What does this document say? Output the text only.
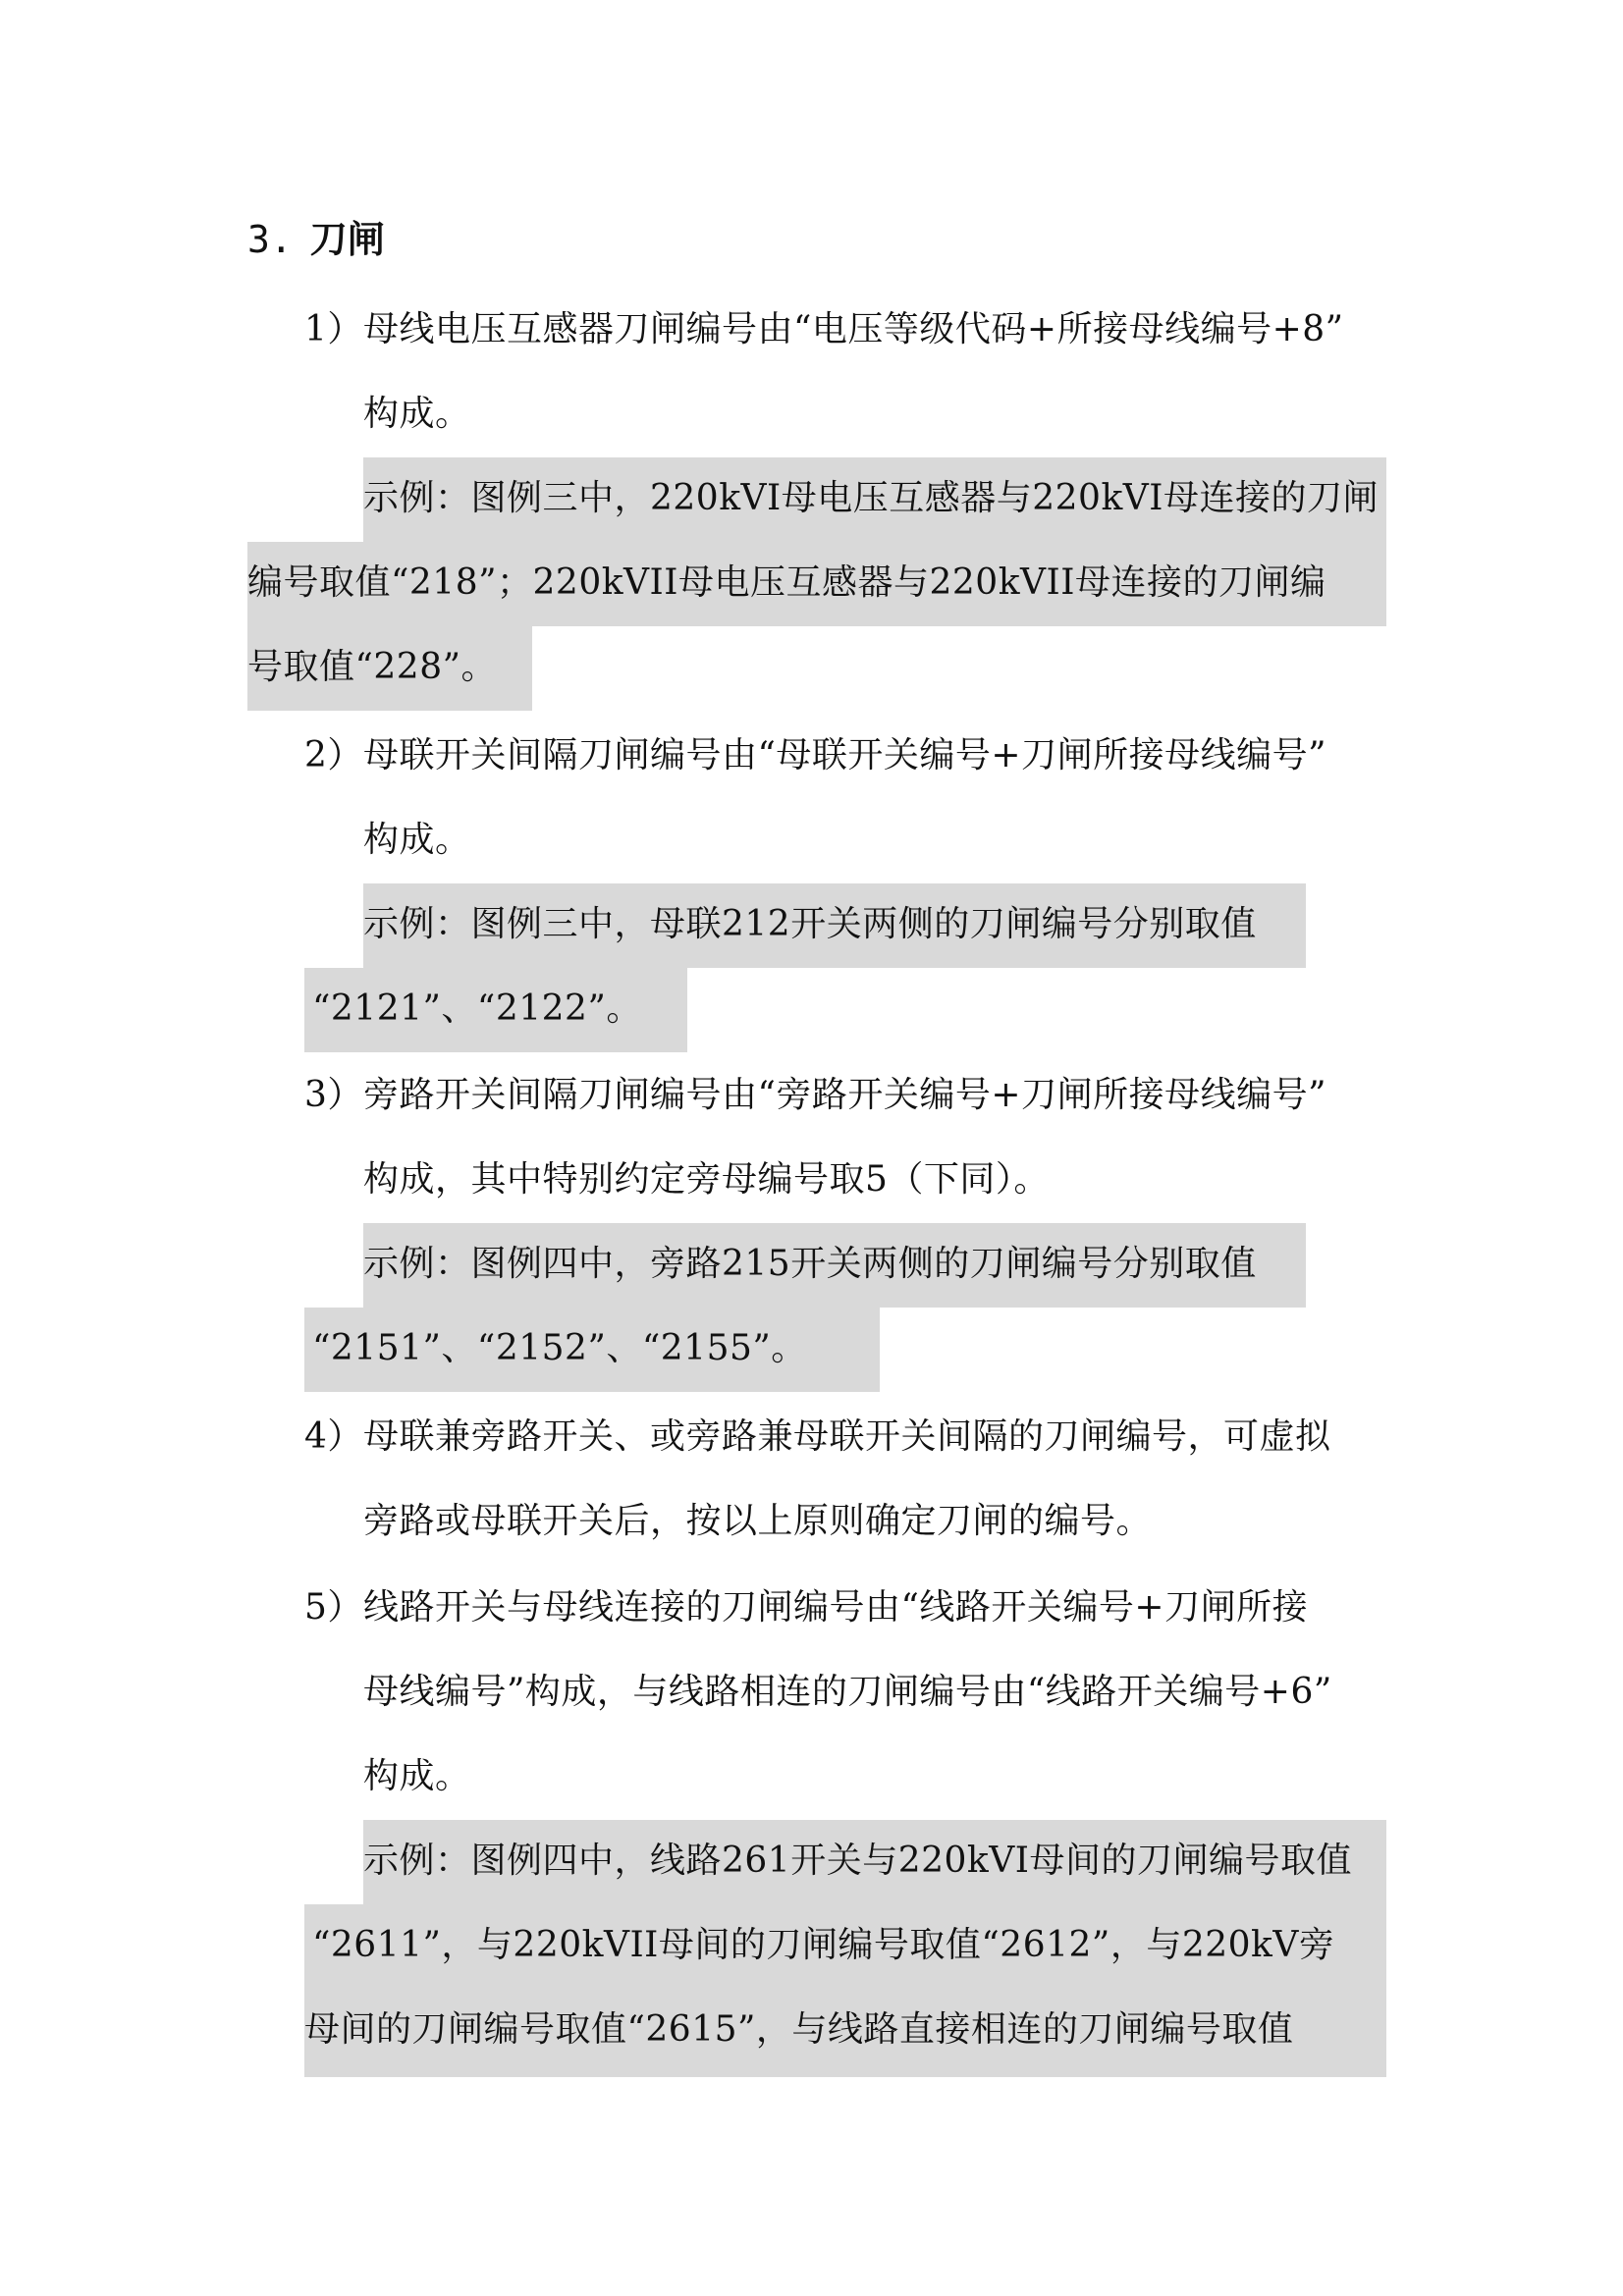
3. 刀闸
1） 母线电压互感器刀闸编号由“电压等级代码+所接母线编号+8”
构成。
示例：图例三中，220kVI母电压互感器与220kVI母连接的刀闸
编号取值“218”；220kVII母电压互感器与220kVII母连接的刀闸编
号取值“228”。
2） 母联开关间隔刀闸编号由“母联开关编号+刀闸所接母线编号”
构成。
示例：图例三中，母联212开关两侧的刀闸编号分别取值
“2121”、“2122”。
3） 旁路开关间隔刀闸编号由“旁路开关编号+刀闸所接母线编号”
构成，其中特别约定旁母编号取5（下同）。
示例：图例四中，旁路215开关两侧的刀闸编号分别取值
“2151”、“2152”、“2155”。
4） 母联兼旁路开关、或旁路兼母联开关间隔的刀闸编号，可虚拟
旁路或母联开关后，按以上原则确定刀闸的编号。
5） 线路开关与母线连接的刀闸编号由“线路开关编号+刀闸所接
母线编号”构成，与线路相连的刀闸编号由“线路开关编号+6”
构成。
示例：图例四中，线路261开关与220kVI母间的刀闸编号取值
“2611”，与220kVII母间的刀闸编号取值“2612”，与220kV旁
母间的刀闸编号取值“2615”，与线路直接相连的刀闸编号取值
